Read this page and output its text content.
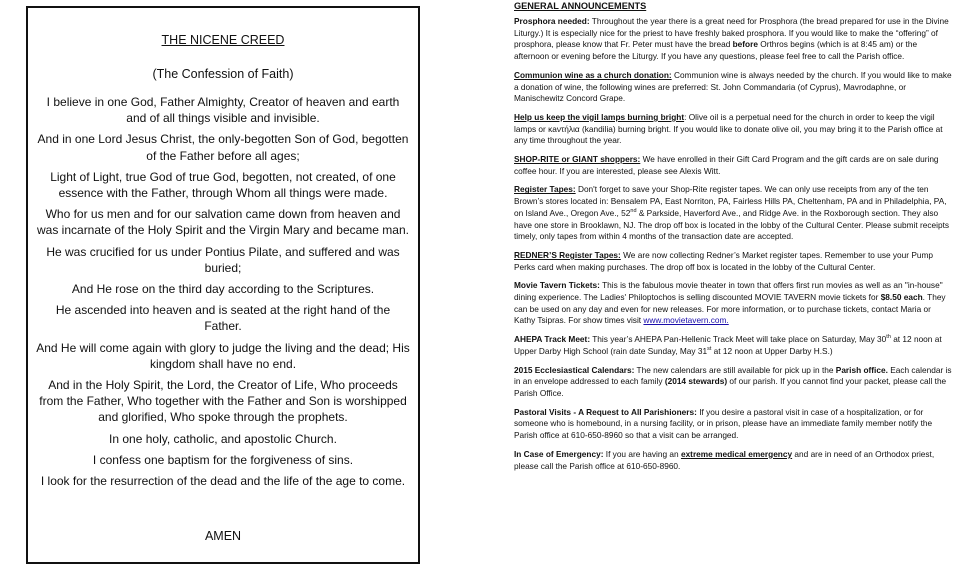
THE NICENE CREED
(The Confession of Faith)

I believe in one God, Father Almighty, Creator of heaven and earth and of all things visible and invisible.

And in one Lord Jesus Christ, the only-begotten Son of God, begotten of the Father before all ages;

Light of Light, true God of true God, begotten, not created, of one essence with the Father, through Whom all things were made.

Who for us men and for our salvation came down from heaven and was incarnate of the Holy Spirit and the Virgin Mary and became man.

He was crucified for us under Pontius Pilate, and suffered and was buried;

And He rose on the third day according to the Scriptures.

He ascended into heaven and is seated at the right hand of the Father.

And He will come again with glory to judge the living and the dead; His kingdom shall have no end.

And in the Holy Spirit, the Lord, the Creator of Life, Who proceeds from the Father, Who together with the Father and Son is worshipped and glorified, Who spoke through the prophets.

In one holy, catholic, and apostolic Church.

I confess one baptism for the forgiveness of sins.

I look for the resurrection of the dead and the life of the age to come.

AMEN
GENERAL ANNOUNCEMENTS

Prosphora needed: Throughout the year there is a great need for Prosphora (the bread prepared for use in the Divine Liturgy.) It is especially nice for the priest to have freshly baked prosphora. If you would like to make the “offering” of prosphora, please know that Fr. Peter must have the bread before Orthros begins (which is at 8:45 am) or the afternoon or evening before the Liturgy. If you have any questions, please feel free to call the Parish office.

Communion wine as a church donation: Communion wine is always needed by the church. If you would like to make a donation of wine, the following wines are preferred: St. John Commandaria (of Cyprus), Mavrodaphne, or Manischewitz Concord Grape.

Help us keep the vigil lamps burning bright: Olive oil is a perpetual need for the church in order to keep the vigil lamps or κaντήλια (kandilia) burning bright. If you would like to donate olive oil, you may bring it to the Parish office at any time throughout the year.

SHOP-RITE or GIANT shoppers: We have enrolled in their Gift Card Program and the gift cards are on sale during coffee hour. If you are interested, please see Alexis Witt.

Register Tapes: Don't forget to save your Shop-Rite register tapes. We can only use receipts from any of the ten Brown’s stores located in: Bensalem PA, East Norriton, PA, Fairless Hills PA, Cheltenham, PA and in Philadelphia, PA, on Island Ave., Oregon Ave., 52nd & Parkside, Haverford Ave., and Ridge Ave. in the Roxborough section. They also have one store in Brooklawn, NJ. The drop off box is located in the lobby of the Cultural Center. Please submit receipts timely, only tapes from within 4 months of the transaction date are accepted.

REDNER’S Register Tapes: We are now collecting Redner’s Market register tapes. Remember to use your Pump Perks card when making purchases. The drop off box is located in the lobby of the Cultural Center.

Movie Tavern Tickets: This is the fabulous movie theater in town that offers first run movies as well as an "in-house" dining experience. The Ladies' Philoptochos is selling discounted MOVIE TAVERN movie tickets for $8.50 each. They can be used on any day and even for new releases. For more information, or to purchase tickets, contact Maria or Kathy Tsipras. For show times visit www.movietavern.com.

AHEPA Track Meet: This year’s AHEPA Pan-Hellenic Track Meet will take place on Saturday, May 30th at 12 noon at Upper Darby High School (rain date Sunday, May 31st at 12 noon at Upper Darby H.S.)

2015 Ecclesiastical Calendars: The new calendars are still available for pick up in the Parish office. Each calendar is in an envelope addressed to each family (2014 stewards) of our parish. If you cannot find your packet, please call the Parish Office.

Pastoral Visits - A Request to All Parishioners: If you desire a pastoral visit in case of a hospitalization, or for someone who is homebound, in a nursing facility, or in prison, please have an immediate family member notify the Parish office at 610-650-8960 so that a visit can be arranged.

In Case of Emergency: If you are having an extreme medical emergency and are in need of an Orthodox priest, please call the Parish office at 610-650-8960.
